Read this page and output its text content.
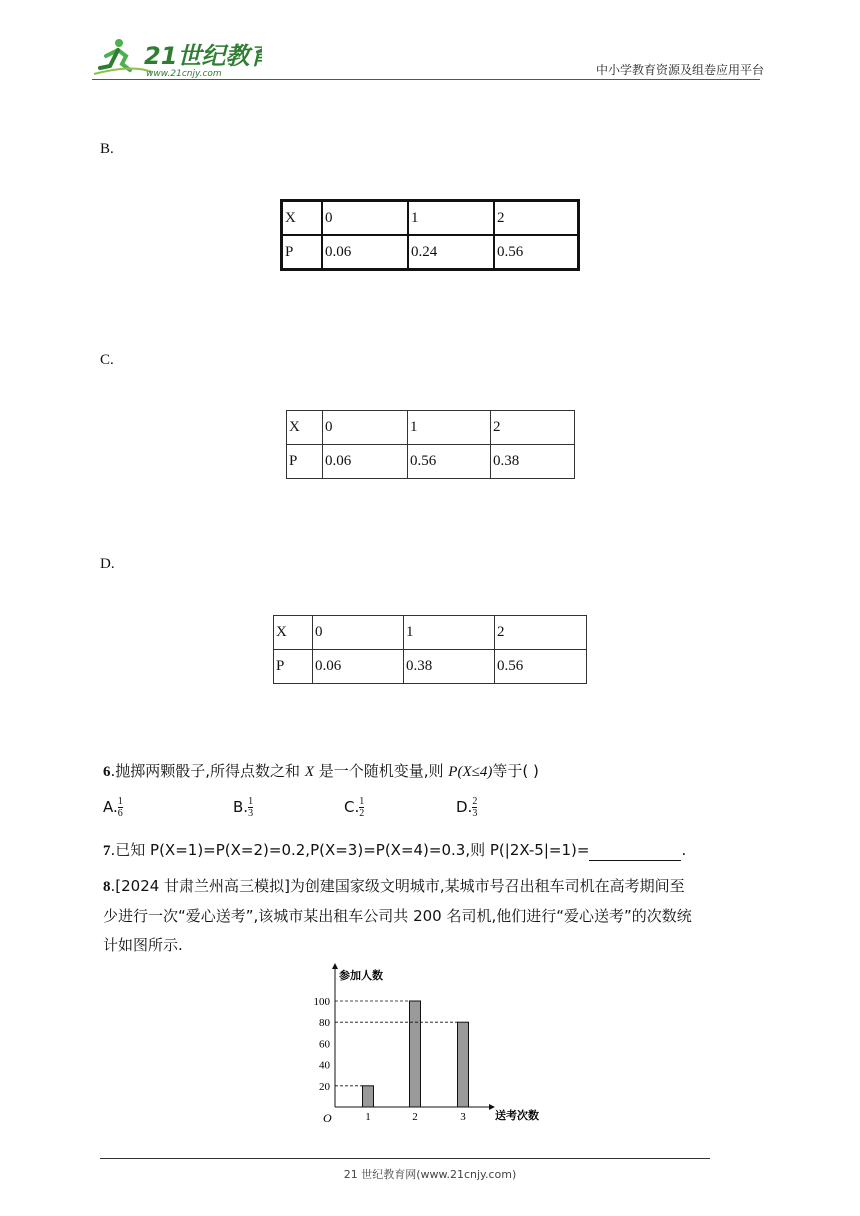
21世纪教育
www.21cnjy.com	中小学教育资源及组卷应用平台
B.
X	0	1	2
P	0.06	0.24	0.56
C.
X	0	1	2
P	0.06	0.56	0.38
D.
X	0	1	2
P	0.06	0.38	0.56
6.抛掷两颗骰子,所得点数之和 X 是一个随机变量,则 P(X≤4)等于( )
A. $\frac{1}{6}$	B. $\frac{1}{3}$	C. $\frac{1}{2}$	D. $\frac{2}{3}$
7.已知 P(X=1)=P(X=2)=0.2,P(X=3)=P(X=4)=0.3,则 P(|2X-5|=1)=	.
8.[2024 甘肃兰州高三模拟]为创建国家级文明城市,某城市号召出租车司机在高考期间至
少进行一次“爱心送考”,该城市某出租车公司共 200 名司机,他们进行“爱心送考”的次数统
计如图所示.
参加人数
送考次数
O
20
40
60
80
100
1	2	3
21 世纪教育网(www.21cnjy.com)
